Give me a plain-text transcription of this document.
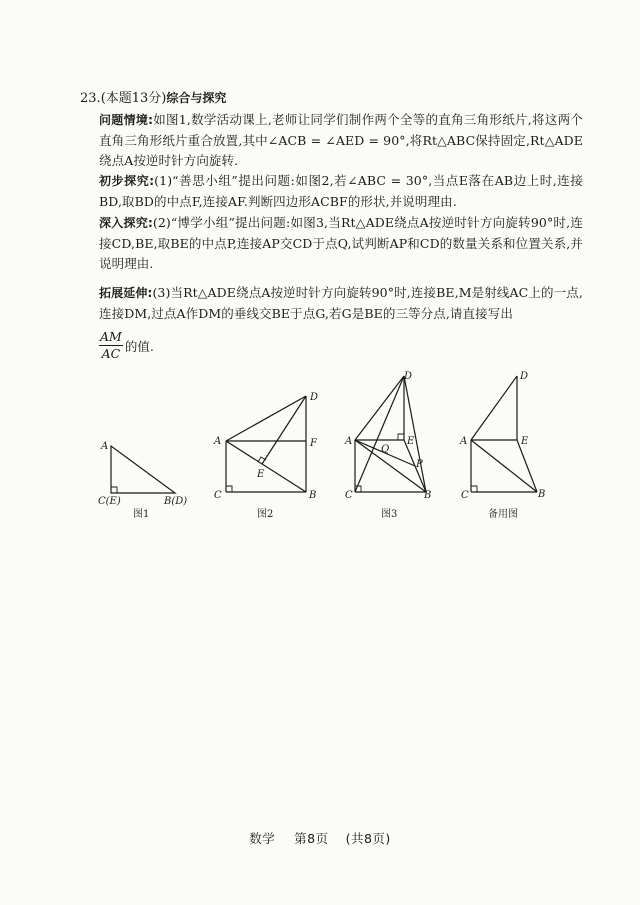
23.(本题13分)综合与探究
问题情境:如图1,数学活动课上,老师让同学们制作两个全等的直角三角形纸片,将这两个直角三角形纸片重合放置,其中∠ACB = ∠AED = 90°,将Rt△ABC保持固定,Rt△ADE绕点A按逆时针方向旋转.
初步探究:(1)“善思小组”提出问题:如图2,若∠ABC = 30°,当点E落在AB边上时,连接BD,取BD的中点F,连接AF.判断四边形ACBF的形状,并说明理由.
深入探究:(2)“博学小组”提出问题:如图3,当Rt△ADE绕点A按逆时针方向旋转90°时,连接CD,BE,取BE的中点P,连接AP交CD于点Q,试判断AP和CD的数量关系和位置关系,并说明理由.
拓展延伸:(3)当Rt△ADE绕点A按逆时针方向旋转90°时,连接BE,M是射线AC上的一点,连接DM,过点A作DM的垂线交BE于点G,若G是BE的三等分点,请直接写出
$\frac{AM}{AC}$ 的值.
A
C(E)	B(D)
图1
A
C	B
D
F
E
图2
A
C	B
D
E
Q
P
图3
A
C	B
D
E
备用图
数学 第8页 (共8页)
